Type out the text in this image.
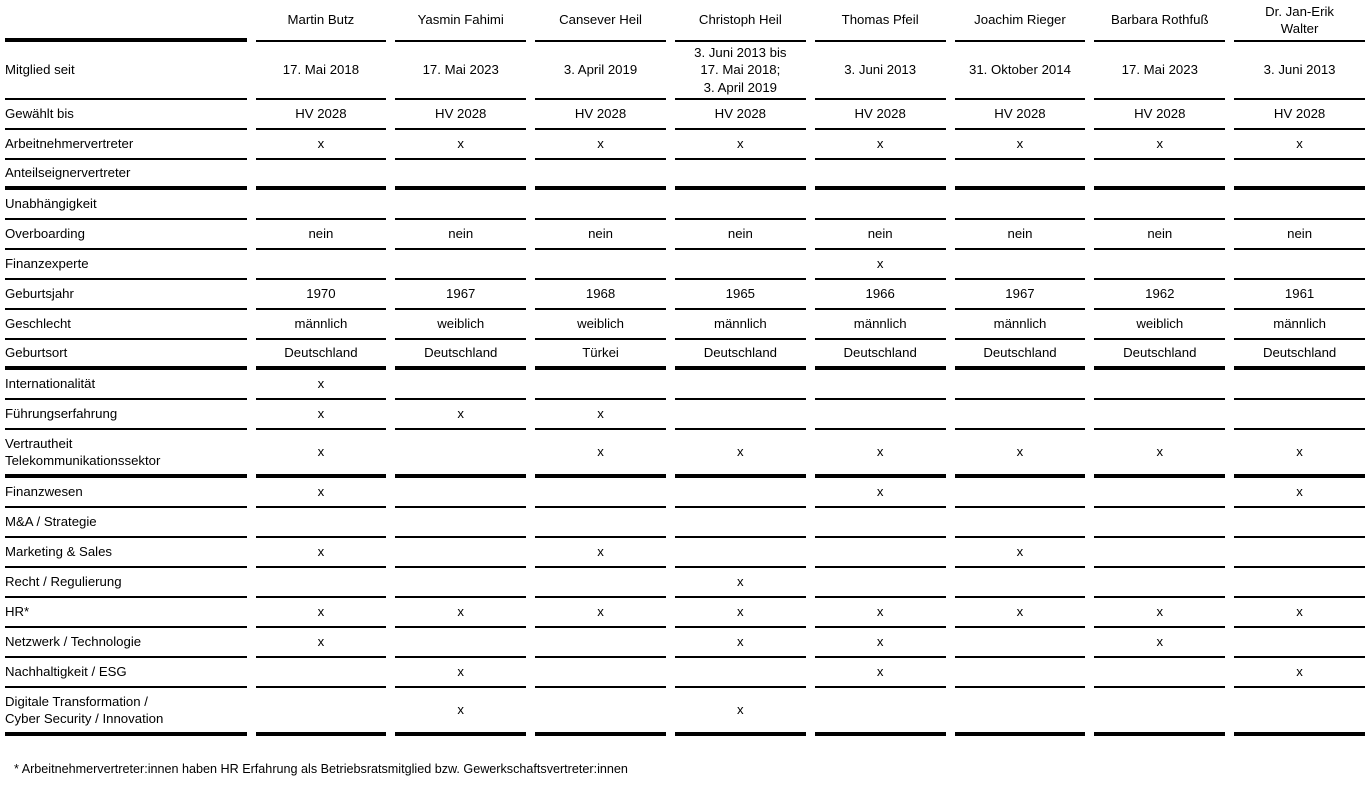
	Martin Butz	Yasmin Fahimi	Cansever Heil	Christoph Heil	Thomas Pfeil	Joachim Rieger	Barbara Rothfuß	Dr. Jan-Erik
Walter
Mitglied seit	17. Mai 2018	17. Mai 2023	3. April 2019	3. Juni 2013 bis
17. Mai 2018;
3. April 2019	3. Juni 2013	31. Oktober 2014	17. Mai 2023	3. Juni 2013
Gewählt bis	HV 2028	HV 2028	HV 2028	HV 2028	HV 2028	HV 2028	HV 2028	HV 2028
Arbeitnehmervertreter	x	x	x	x	x	x	x	x
Anteilseignervertreter								
Unabhängigkeit								
Overboarding	nein	nein	nein	nein	nein	nein	nein	nein
Finanzexperte					x			
Geburtsjahr	1970	1967	1968	1965	1966	1967	1962	1961
Geschlecht	männlich	weiblich	weiblich	männlich	männlich	männlich	weiblich	männlich
Geburtsort	Deutschland	Deutschland	Türkei	Deutschland	Deutschland	Deutschland	Deutschland	Deutschland
Internationalität	x							
Führungserfahrung	x	x	x					
Vertrautheit
Telekommunikationssektor	x		x	x	x	x	x	x
Finanzwesen	x				x			x
M&A / Strategie								
Marketing & Sales	x		x			x		
Recht / Regulierung				x				
HR*	x	x	x	x	x	x	x	x
Netzwerk / Technologie	x			x	x		x	
Nachhaltigkeit / ESG		x			x			x
Digitale Transformation /
Cyber Security / Innovation		x		x				
* Arbeitnehmervertreter:innen haben HR Erfahrung als Betriebsratsmitglied bzw. Gewerkschaftsvertreter:innen
